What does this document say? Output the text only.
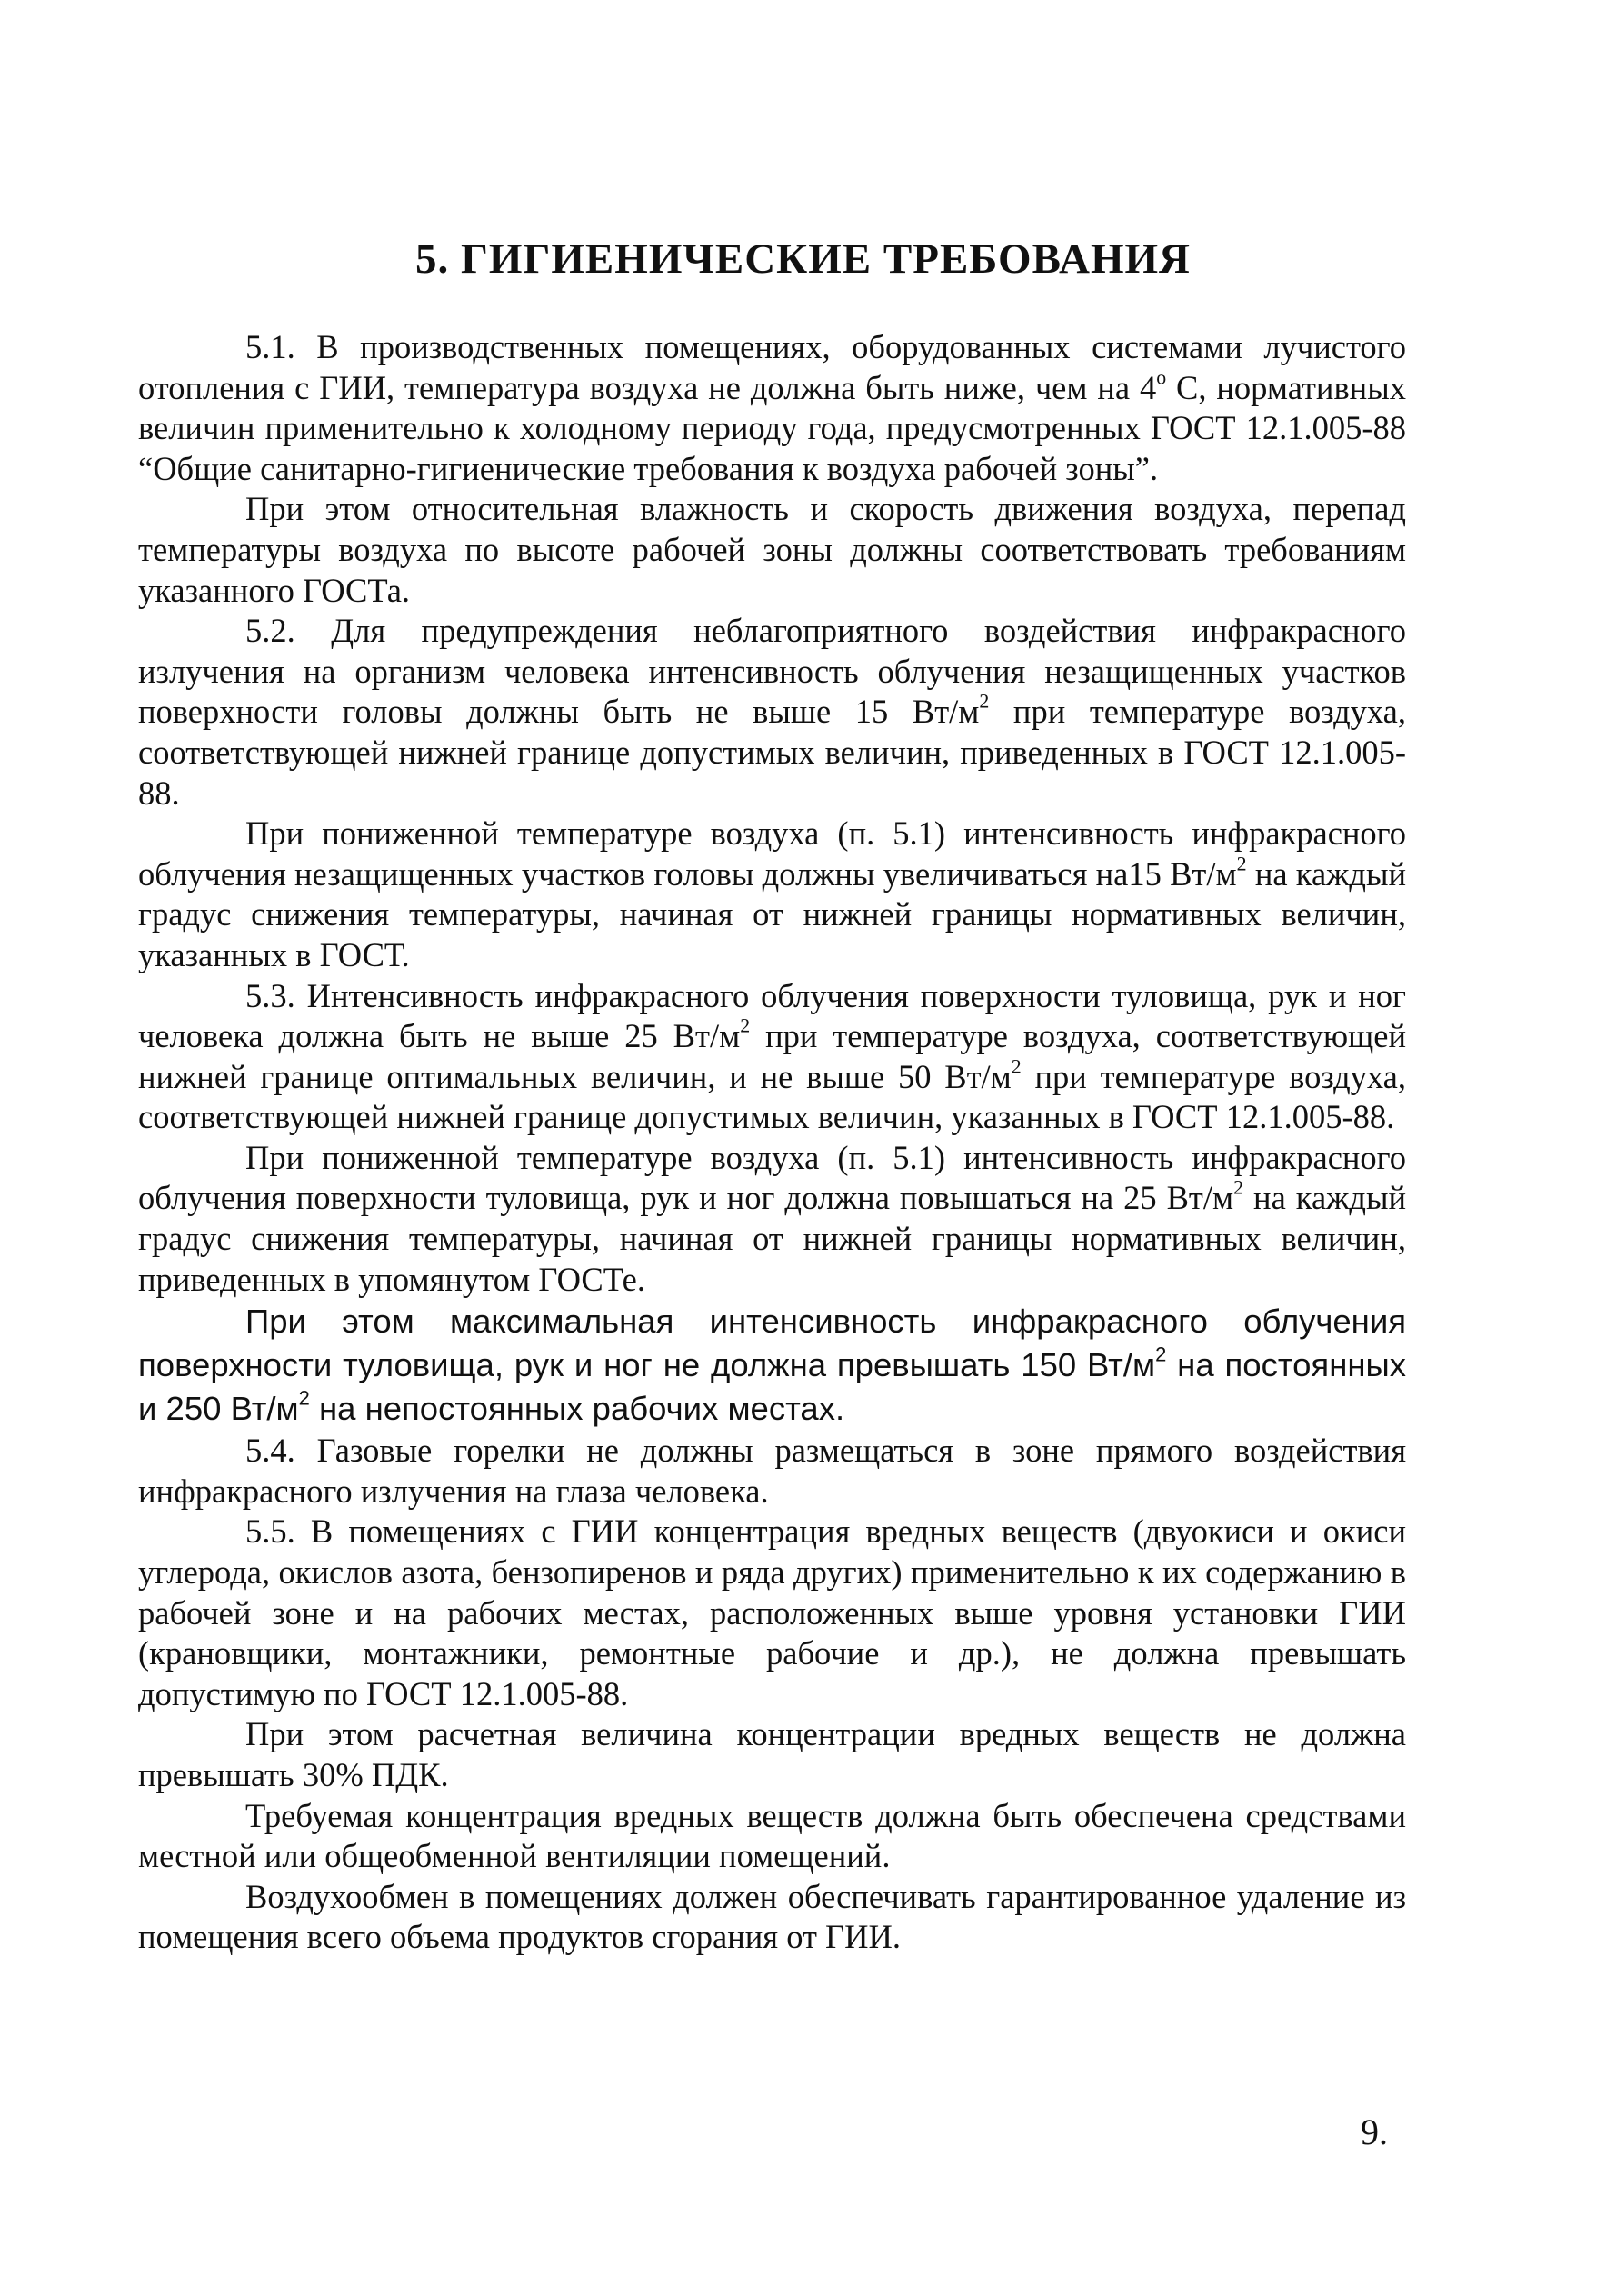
5. ГИГИЕНИЧЕСКИЕ ТРЕБОВАНИЯ

5.1. В производственных помещениях, оборудованных системами лучистого отопления с ГИИ, температура воздуха не должна быть ниже, чем на $4^о$ С, нормативных величин применительно к холодному периоду года, предусмотренных ГОСТ 12.1.005-88 “Общие санитарно-гигиенические требования к воздуха рабочей зоны”.

При этом относительная влажность и скорость движения воздуха, перепад температуры воздуха по высоте рабочей зоны должны соответствовать требованиям указанного ГОСТа.

5.2. Для предупреждения неблагоприятного воздействия инфракрасного излучения на организм человека интенсивность облучения незащищенных участков поверхности головы должны быть не выше 15 $Вт/м^2$ при температуре воздуха, соответствующей нижней границе допустимых величин, приведенных в ГОСТ 12.1.005-88.

При пониженной температуре воздуха (п. 5.1) интенсивность инфракрасного облучения незащищенных участков головы должны увеличиваться на15 $Вт/м^2$ на каждый градус снижения температуры, начиная от нижней границы нормативных величин, указанных в ГОСТ.

5.3. Интенсивность инфракрасного облучения поверхности туловища, рук и ног человека должна быть не выше 25 $Вт/м^2$ при температуре воздуха, соответствующей нижней границе оптимальных величин, и не выше 50 $Вт/м^2$ при температуре воздуха, соответствующей нижней границе допустимых величин, указанных в ГОСТ 12.1.005-88.

При пониженной температуре воздуха (п. 5.1) интенсивность инфракрасного облучения поверхности туловища, рук и ног должна повышаться на 25 $Вт/м^2$ на каждый градус снижения температуры, начиная от нижней границы нормативных величин, приведенных в упомянутом ГОСТе.

При этом максимальная интенсивность инфракрасного облучения поверхности туловища, рук и ног не должна превышать 150 $Вт/м^2$ на постоянных и 250 $Вт/м^2$ на непостоянных рабочих местах.

5.4. Газовые горелки не должны размещаться в зоне прямого воздействия инфракрасного излучения на глаза человека.

5.5. В помещениях с ГИИ концентрация вредных веществ (двуокиси и окиси углерода, окислов азота, бензопиренов и ряда других) применительно к их содержанию в рабочей зоне и на рабочих местах, расположенных выше уровня установки ГИИ (крановщики, монтажники, ремонтные рабочие и др.), не должна превышать допустимую по ГОСТ 12.1.005-88.

При этом расчетная величина концентрации вредных веществ не должна превышать 30% ПДК.

Требуемая концентрация вредных веществ должна быть обеспечена средствами местной или общеобменной вентиляции помещений.

Воздухообмен в помещениях должен обеспечивать гарантированное удаление из помещения всего объема продуктов сгорания от ГИИ.

9.
